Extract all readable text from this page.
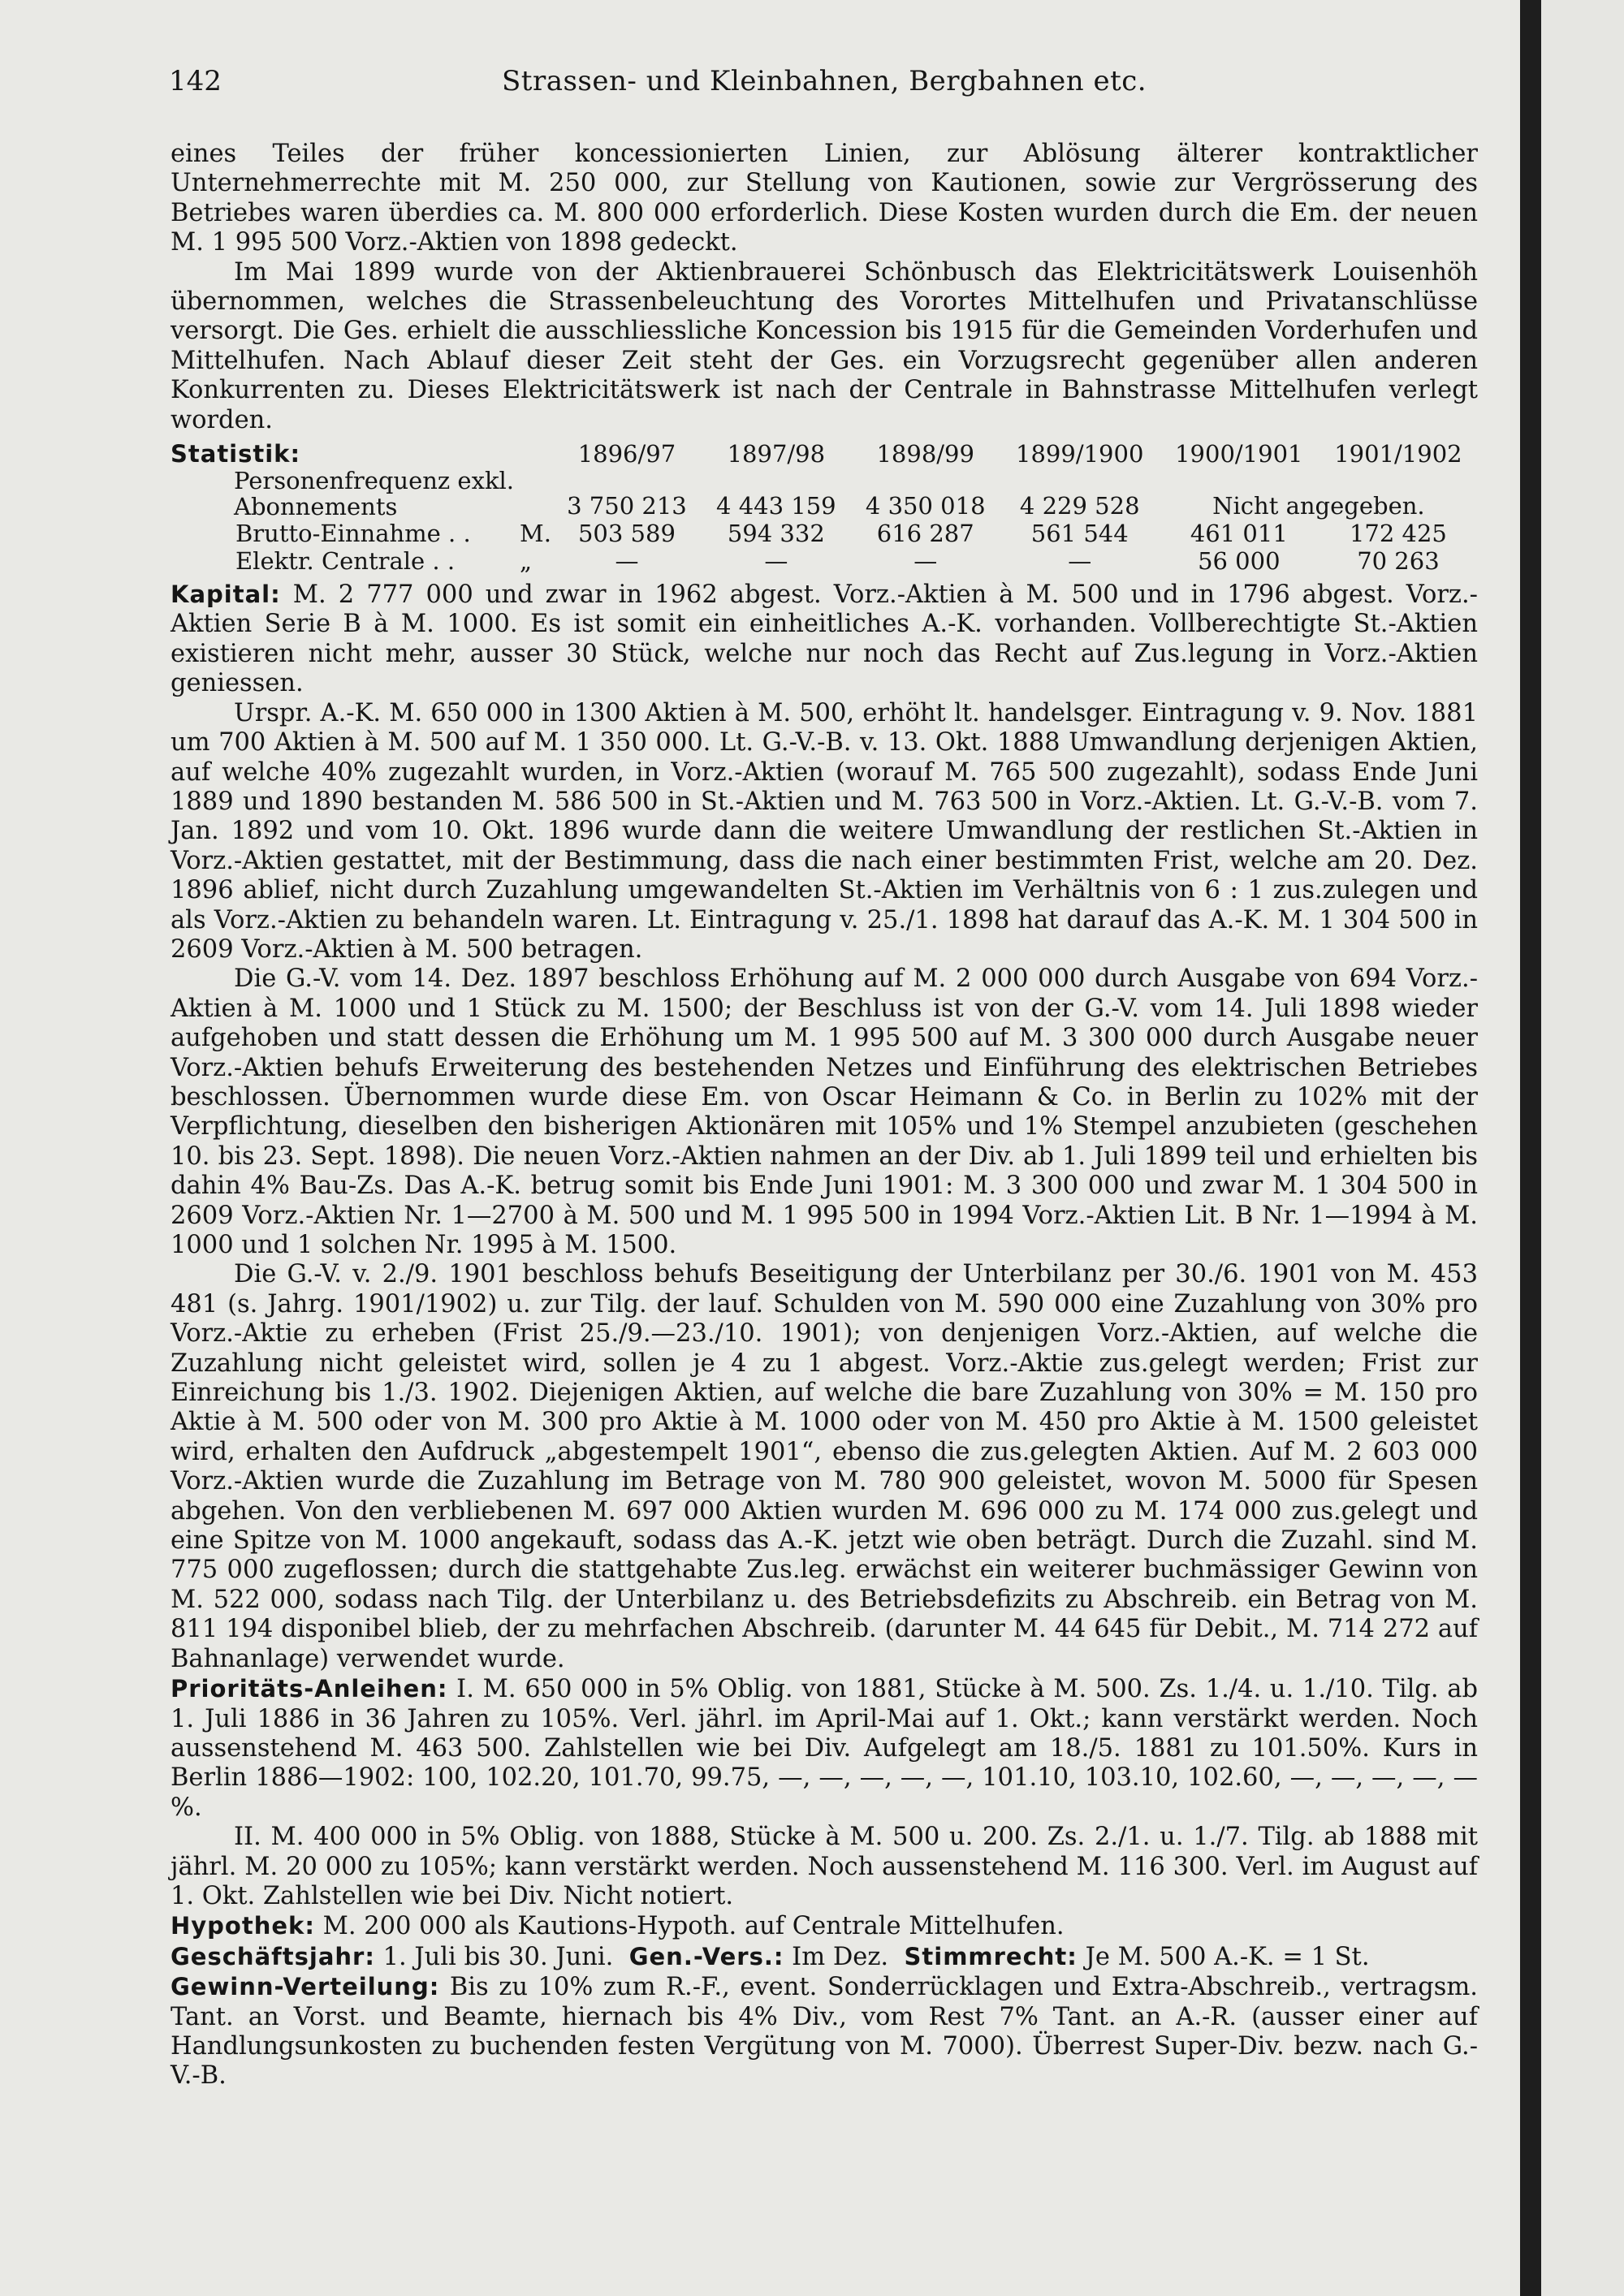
142	Strassen- und Kleinbahnen, Bergbahnen etc.

eines Teiles der früher koncessionierten Linien, zur Ablösung älterer kontraktlicher Unternehmerrechte mit M. 250 000, zur Stellung von Kautionen, sowie zur Vergrösserung des Betriebes waren überdies ca. M. 800 000 erforderlich. Diese Kosten wurden durch die Em. der neuen M. 1 995 500 Vorz.-Aktien von 1898 gedeckt.

Im Mai 1899 wurde von der Aktienbrauerei Schönbusch das Elektricitätswerk Louisenhöh übernommen, welches die Strassenbeleuchtung des Vorortes Mittelhufen und Privatanschlüsse versorgt. Die Ges. erhielt die ausschliessliche Koncession bis 1915 für die Gemeinden Vorderhufen und Mittelhufen. Nach Ablauf dieser Zeit steht der Ges. ein Vorzugsrecht gegenüber allen anderen Konkurrenten zu. Dieses Elektricitätswerk ist nach der Centrale in Bahnstrasse Mittelhufen verlegt worden.

Statistik:		1896/97	1897/98	1898/99	1899/1900	1900/1901	1901/1902
Personenfrequenz exkl. Abonnements		3 750 213	4 443 159	4 350 018	4 229 528	Nicht angegeben.	
Brutto-Einnahme . .	M.	503 589	594 332	616 287	561 544	461 011	172 425
Elektr. Centrale . .	„	—	—	—	—	56 000	70 263

Kapital: M. 2 777 000 und zwar in 1962 abgest. Vorz.-Aktien à M. 500 und in 1796 abgest. Vorz.-Aktien Serie B à M. 1000. Es ist somit ein einheitliches A.-K. vorhanden. Vollberechtigte St.-Aktien existieren nicht mehr, ausser 30 Stück, welche nur noch das Recht auf Zus.legung in Vorz.-Aktien geniessen.

Urspr. A.-K. M. 650 000 in 1300 Aktien à M. 500, erhöht lt. handelsger. Eintragung v. 9. Nov. 1881 um 700 Aktien à M. 500 auf M. 1 350 000. Lt. G.-V.-B. v. 13. Okt. 1888 Umwandlung derjenigen Aktien, auf welche 40% zugezahlt wurden, in Vorz.-Aktien (worauf M. 765 500 zugezahlt), sodass Ende Juni 1889 und 1890 bestanden M. 586 500 in St.-Aktien und M. 763 500 in Vorz.-Aktien. Lt. G.-V.-B. vom 7. Jan. 1892 und vom 10. Okt. 1896 wurde dann die weitere Umwandlung der restlichen St.-Aktien in Vorz.-Aktien gestattet, mit der Bestimmung, dass die nach einer bestimmten Frist, welche am 20. Dez. 1896 ablief, nicht durch Zuzahlung umgewandelten St.-Aktien im Verhältnis von 6 : 1 zus.zulegen und als Vorz.-Aktien zu behandeln waren. Lt. Eintragung v. 25./1. 1898 hat darauf das A.-K. M. 1 304 500 in 2609 Vorz.-Aktien à M. 500 betragen.

Die G.-V. vom 14. Dez. 1897 beschloss Erhöhung auf M. 2 000 000 durch Ausgabe von 694 Vorz.-Aktien à M. 1000 und 1 Stück zu M. 1500; der Beschluss ist von der G.-V. vom 14. Juli 1898 wieder aufgehoben und statt dessen die Erhöhung um M. 1 995 500 auf M. 3 300 000 durch Ausgabe neuer Vorz.-Aktien behufs Erweiterung des bestehenden Netzes und Einführung des elektrischen Betriebes beschlossen. Übernommen wurde diese Em. von Oscar Heimann & Co. in Berlin zu 102% mit der Verpflichtung, dieselben den bisherigen Aktionären mit 105% und 1% Stempel anzubieten (geschehen 10. bis 23. Sept. 1898). Die neuen Vorz.-Aktien nahmen an der Div. ab 1. Juli 1899 teil und erhielten bis dahin 4% Bau-Zs. Das A.-K. betrug somit bis Ende Juni 1901: M. 3 300 000 und zwar M. 1 304 500 in 2609 Vorz.-Aktien Nr. 1—2700 à M. 500 und M. 1 995 500 in 1994 Vorz.-Aktien Lit. B Nr. 1—1994 à M. 1000 und 1 solchen Nr. 1995 à M. 1500.

Die G.-V. v. 2./9. 1901 beschloss behufs Beseitigung der Unterbilanz per 30./6. 1901 von M. 453 481 (s. Jahrg. 1901/1902) u. zur Tilg. der lauf. Schulden von M. 590 000 eine Zuzahlung von 30% pro Vorz.-Aktie zu erheben (Frist 25./9.—23./10. 1901); von denjenigen Vorz.-Aktien, auf welche die Zuzahlung nicht geleistet wird, sollen je 4 zu 1 abgest. Vorz.-Aktie zus.gelegt werden; Frist zur Einreichung bis 1./3. 1902. Diejenigen Aktien, auf welche die bare Zuzahlung von 30% = M. 150 pro Aktie à M. 500 oder von M. 300 pro Aktie à M. 1000 oder von M. 450 pro Aktie à M. 1500 geleistet wird, erhalten den Aufdruck „abgestempelt 1901“, ebenso die zus.gelegten Aktien. Auf M. 2 603 000 Vorz.-Aktien wurde die Zuzahlung im Betrage von M. 780 900 geleistet, wovon M. 5000 für Spesen abgehen. Von den verbliebenen M. 697 000 Aktien wurden M. 696 000 zu M. 174 000 zus.gelegt und eine Spitze von M. 1000 angekauft, sodass das A.-K. jetzt wie oben beträgt. Durch die Zuzahl. sind M. 775 000 zugeflossen; durch die stattgehabte Zus.leg. erwächst ein weiterer buchmässiger Gewinn von M. 522 000, sodass nach Tilg. der Unterbilanz u. des Betriebsdefizits zu Abschreib. ein Betrag von M. 811 194 disponibel blieb, der zu mehrfachen Abschreib. (darunter M. 44 645 für Debit., M. 714 272 auf Bahnanlage) verwendet wurde.

Prioritäts-Anleihen: I. M. 650 000 in 5% Oblig. von 1881, Stücke à M. 500. Zs. 1./4. u. 1./10. Tilg. ab 1. Juli 1886 in 36 Jahren zu 105%. Verl. jährl. im April-Mai auf 1. Okt.; kann verstärkt werden. Noch aussenstehend M. 463 500. Zahlstellen wie bei Div. Aufgelegt am 18./5. 1881 zu 101.50%. Kurs in Berlin 1886—1902: 100, 102.20, 101.70, 99.75, —, —, —, —, —, 101.10, 103.10, 102.60, —, —, —, —, —%.

II. M. 400 000 in 5% Oblig. von 1888, Stücke à M. 500 u. 200. Zs. 2./1. u. 1./7. Tilg. ab 1888 mit jährl. M. 20 000 zu 105%; kann verstärkt werden. Noch aussenstehend M. 116 300. Verl. im August auf 1. Okt. Zahlstellen wie bei Div. Nicht notiert.

Hypothek: M. 200 000 als Kautions-Hypoth. auf Centrale Mittelhufen.

Geschäftsjahr: 1. Juli bis 30. Juni. Gen.-Vers.: Im Dez. Stimmrecht: Je M. 500 A.-K. = 1 St.

Gewinn-Verteilung: Bis zu 10% zum R.-F., event. Sonderrücklagen und Extra-Abschreib., vertragsm. Tant. an Vorst. und Beamte, hiernach bis 4% Div., vom Rest 7% Tant. an A.-R. (ausser einer auf Handlungsunkosten zu buchenden festen Vergütung von M. 7000). Überrest Super-Div. bezw. nach G.-V.-B.
